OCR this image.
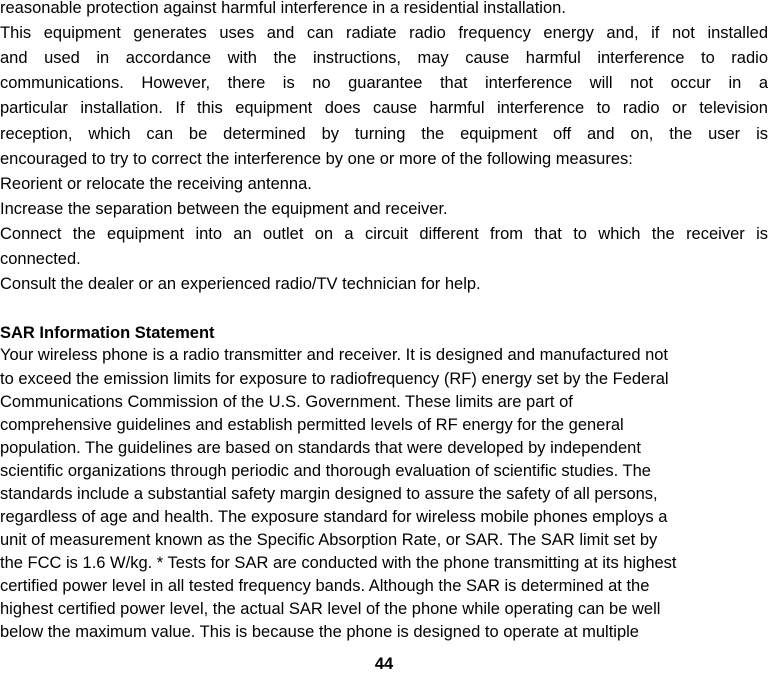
reasonable protection against harmful interference in a residential installation.
This equipment generates uses and can radiate radio frequency energy and, if not installed
and used in accordance with the instructions, may cause harmful interference to radio
communications. However, there is no guarantee that interference will not occur in a
particular installation. If this equipment does cause harmful interference to radio or television
reception, which can be determined by turning the equipment off and on, the user is
encouraged to try to correct the interference by one or more of the following measures:
Reorient or relocate the receiving antenna.
Increase the separation between the equipment and receiver.
Connect the equipment into an outlet on a circuit different from that to which the receiver is
connected.
Consult the dealer or an experienced radio/TV technician for help.
SAR Information Statement
Your wireless phone is a radio transmitter and receiver. It is designed and manufactured not
to exceed the emission limits for exposure to radiofrequency (RF) energy set by the Federal
Communications Commission of the U.S. Government. These limits are part of
comprehensive guidelines and establish permitted levels of RF energy for the general
population. The guidelines are based on standards that were developed by independent
scientific organizations through periodic and thorough evaluation of scientific studies. The
standards include a substantial safety margin designed to assure the safety of all persons,
regardless of age and health. The exposure standard for wireless mobile phones employs a
unit of measurement known as the Specific Absorption Rate, or SAR. The SAR limit set by
the FCC is 1.6 W/kg. * Tests for SAR are conducted with the phone transmitting at its highest
certified power level in all tested frequency bands. Although the SAR is determined at the
highest certified power level, the actual SAR level of the phone while operating can be well
below the maximum value. This is because the phone is designed to operate at multiple
44
